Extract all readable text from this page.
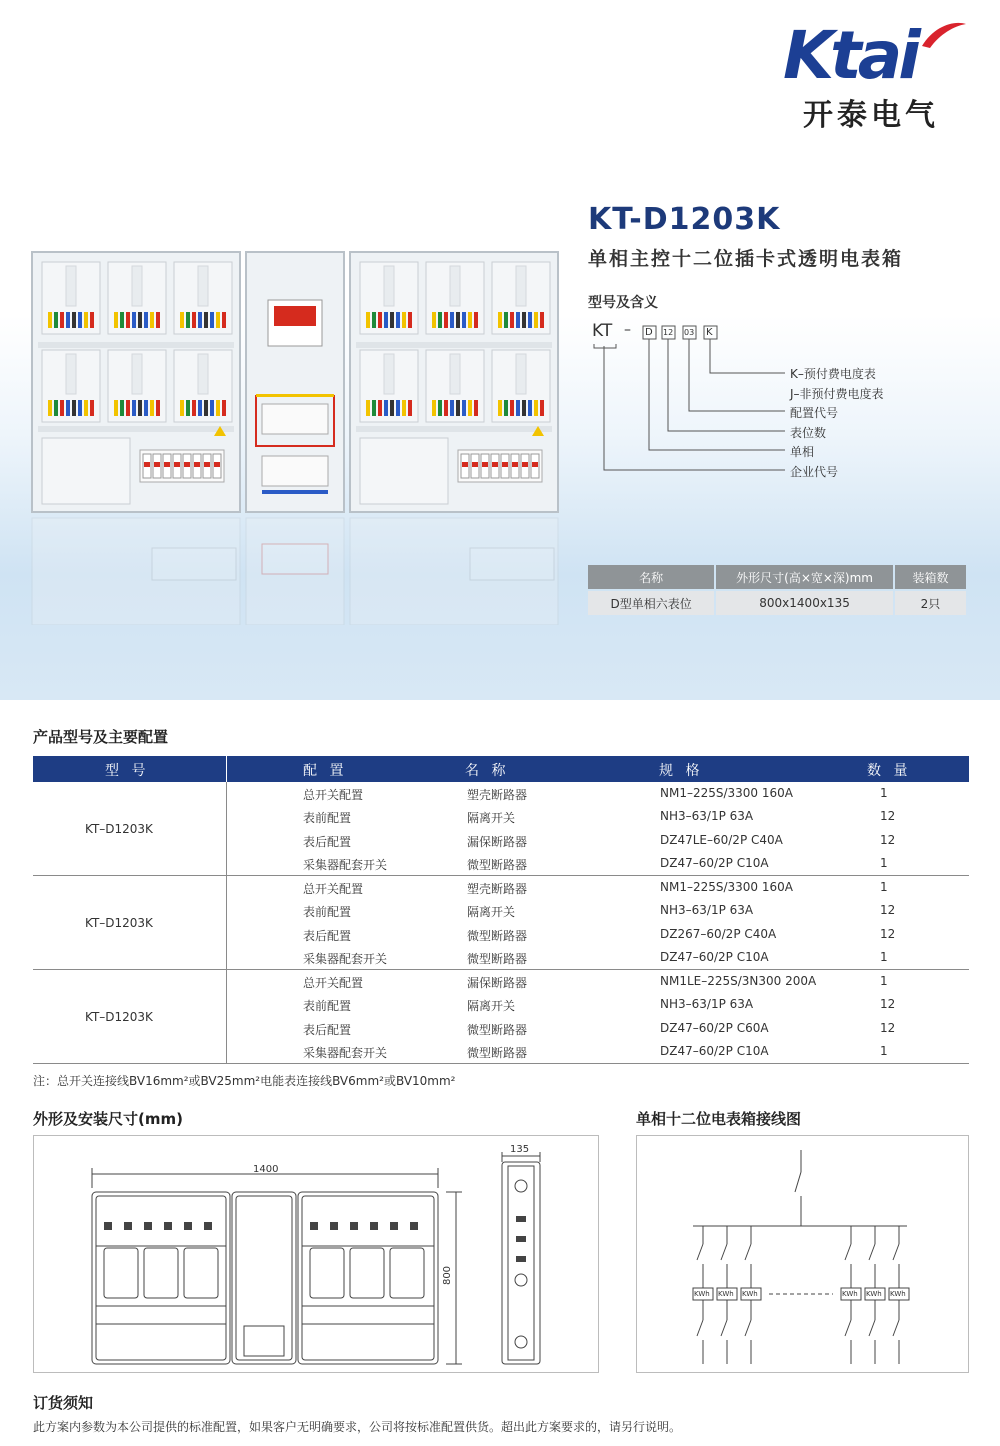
Ktai
开泰电气
KT-D1203K
单相主控十二位插卡式透明电表箱
型号及含义
KT – D 12 03 K
K–预付费电度表
J–非预付费电度表
配置代号
表位数
单相
企业代号
名称	外形尺寸(高×宽×深)mm	装箱数
D型单相六表位	800x1400x135	2只
产品型号及主要配置
型 号	配 置	名 称	规 格	数 量
KT–D1203K
总开关配置	塑壳断路器	NM1–225S/3300 160A	1
表前配置	隔离开关	NH3–63/1P 63A	12
表后配置	漏保断路器	DZ47LE–60/2P C40A	12
采集器配套开关	微型断路器	DZ47–60/2P C10A	1
KT–D1203K
总开关配置	塑壳断路器	NM1–225S/3300 160A	1
表前配置	隔离开关	NH3–63/1P 63A	12
表后配置	微型断路器	DZ267–60/2P C40A	12
采集器配套开关	微型断路器	DZ47–60/2P C10A	1
KT–D1203K
总开关配置	漏保断路器	NM1LE–225S/3N300 200A	1
表前配置	隔离开关	NH3–63/1P 63A	12
表后配置	微型断路器	DZ47–60/2P C60A	12
采集器配套开关	微型断路器	DZ47–60/2P C10A	1
注：总开关连接线BV16mm²或BV25mm²电能表连接线BV6mm²或BV10mm²
外形及安装尺寸(mm)	单相十二位电表箱接线图
1400
800
135
KWh KWh KWh	KWh KWh KWh
订货须知
此方案内参数为本公司提供的标准配置，如果客户无明确要求，公司将按标准配置供货。超出此方案要求的，请另行说明。
